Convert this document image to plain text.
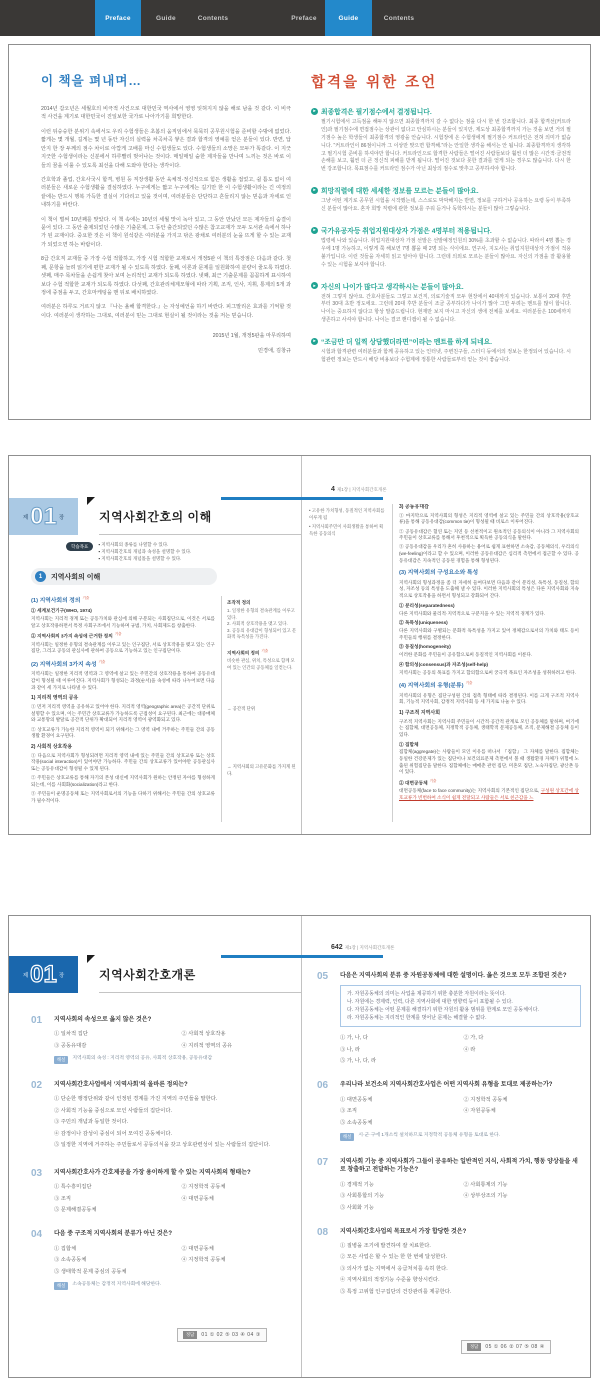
Preface	Guide	Contents	Preface	Guide	Contents
이 책을 펴내며…

2014년 갑오년은 세월호의 비극적 사건으로 대한민국 역사에서 영영 잊혀지지 않을 해로 남을 것 같다. 이 비극적 사건을 계기로 대한민국이 진일보한 국가로 나아가기를 희망한다.

이런 뒤숭숭한 분위기 속에서도 우리 수험생들은 초봄의 움직임에서 묵묵히 공무원시험을 준비할 수밖에 없었다. 짧게는 몇 개월, 길게는 몇 년 동안 자신의 실력을 차곡차곡 쌓은 결과 합격의 영예를 얻은 분들이 있다. 반면, 답안지 한 장 두께의 점수 차이로 아깝게 고배를 마신 수험생들도 있다. 수험생들의 소망은 모두가 똑같다. 이 지긋지긋한 수험생이라는 신분에서 하루빨리 벗어나는 것이다. 매일매일 숱한 제자들을 만나며 느끼는 것은 바로 이들의 꿈을 이룰 수 있도록 최선을 다해 도와야 한다는 생각이다.

간호학과 졸업, 간호사국시 합격, 병원 등 직장생활 동안 육체적·정신적으로 힘든 생활을 접었고, 쉴 틈도 없이 여러분들은 새로운 수험생활을 결심하였다. 누구에게는 짧고 누구에게는 길기만 한 이 수험생활이라는 긴 여정의 끝에는 반드시 행복 가득한 결실이 기다리고 있을 것이며, 여러분들은 단단하고 흔들리지 않는 믿음과 자세로 인내하기를 바란다.

이 책이 벌써 10년째를 맞았다. 이 책 속에는 10년의 세월 맛이 녹아 있고, 그 동안 만났던 모든 제자들의 숨결이 묻어 있다. 그 동안 출제되었던 수많은 기출문제, 그 동안 출간되었던 수많은 참고교재가 모두 도서관 속에서 하나가 된 교재이다. 중요한 것은 이 책이 원석같은 여러분을 가지고 닦은 광채로 여러분의 눈을 뜨게 할 수 있는 교재가 되었으면 하는 바람이다.

8급 간호직 교재들 중 가장 수험 적합하고, 가장 시험 적합한 교재로서 개정5판 이 책의 특장점은 다음과 같다. 첫째, 문항을 늘려 읽기에 편한 교재가 될 수 있도록 하였다. 둘째, 이론과 문제를 일원화하여 분량이 줄도록 하였다. 셋째, 매주 목차들을 손쉽게 찾아 보며 논리적인 교재가 되도록 하였다. 넷째, 최근 기출문제를 꼼꼼하게 표시하여 보다 수험 적합한 교재가 되도록 하였다. 다섯째, 간호관리체계모형에 따라 기획, 조직, 인사, 지휘, 통제의 5개 과정에 중점을 두고, 간호마케팅을 맨 뒤로 배치하였다.

여러분은 하루도 거르지 않고 『나는 올해 합격한다.』는 자성예언을 하기 바란다. 피그말리온 효과를 기억할 것이다. 여러분이 생각하는 그대로, 여러분이 믿는 그대로 현실이 될 것이라는 것을 저는 믿습니다.

2015년 1월, 개정5판을 마무리하며
민경애, 김창규
합격을 위한 조언
▸
최종합격은 필기점수에서 결정됩니다.
필기시험에서 고득점을 해두지 않으면 최종합격까지 갈 수 없다는 점을 다시 한 번 강조합니다. 최종 합격선(커트라인)과 필기점수에 면접점수는 상관이 없다고 안심하시는 분들이 있지만, 제도상 최종합격까지 가는 것을 보면 거의 필기점수 높은 학생들이 최종합격의 영광을 안습니다. 시험장에 온 수험생에게 필기점수 커트라인은 전혀 의미가 없습니다. “커트라인이 86점이니까 그 이상만 맞으면 합격해.”라는 안일한 생각을 해서는 안 됩니다. 최종합격까지 생각하고 필기시험 준비를 하셔야만 합니다. 커트라인으로 합격한 사람들은 떨어진 사람들보다 훨씬 더 많은 시간적·금전적 손해를 보고, 훨씬 더 큰 정신적 피해를 받게 됩니다. 떨어진 것보다 못한 결과를 얻게 되는 경우도 많습니다. 다시 한 번 강조합니다. 목표점수를 커트라인 점수가 아닌 최상의 점수로 맞추고 공부하셔야 합니다.
▸
희망직렬에 대한 세세한 정보를 모르는 분들이 많아요.
그냥 어떤 계기로 공무원 시험을 시작했는데, 스스로도 막막해지는 반면, 정보를 구하거나 공유하는 요령 등이 부족하신 분들이 많아요. 혼자 희망 직렬에 관한 정보를 주워 듣거나 독학하시는 분들이 많아 그렇습니다.
▸
국가유공자등 취업지원대상자 가점은 4명부터 적용됩니다.
법령에 나와 있습니다. 취업지원대상자 가점 선발은 선발예정인원의 30%를 초과할 수 없습니다. 따라서 4명 뽑는 경우에 1명 가능하고, 이렇게 쭉 해보면 7명 뽑을 때 2명 되는 식이에요. 연구사, 지도사는 취업지원대상자 가점이 적용불가입니다. 이런 것들을 자세히 읽고 알아야 합니다. 그런데 의외로 모르는 분들이 많아요. 자신의 가점을 잘 활용할 수 있는 시험을 보셔야 합니다.
▸
자신의 나이가 많다고 생각하시는 분들이 많아요.
전혀 그렇지 않아요. 간호사분들도 그렇고 보건직, 의료기술직 모두 현장에서 40대까지 있습니다. 보통이 20대 후반부터 30대 초반 정도에요. 그런데 20대 후반 분들이 조금 공부하다가 나이가 많아 그만 두려는 멘트를 많이 합니다. 나이는 중요하지 않다고 항상 말씀드립니다. 현재만 보지 마시고 자신의 생애 전체를 보세요. 여러분들은 100세까지 생존하고 사셔야 합니다. 나이는 결코 핸디캡이 될 수 없습니다.
▸
“조금만 더 일찍 상담했더라면”이라는 멘트를 하게 되네요.
시험과 합격관련 여러분들과 함께 공유하고 있는 인터넷, 주변친구들, 스터디 등에서의 정보는 한정되어 있습니다. 시험관련 정보는 반드시 해당 비용보다 수험계에 정통한 사람들로부터 얻는 것이 좋습니다.
제 01 장	지역사회간호의 이해
4 제1장 | 지역사회간호개론
학습목표	▪ 지역사회의 종류를 나열할 수 있다.
▪ 지역사회간호의 개념과 속성을 설명할 수 있다.
▪ 지역사회간호의 개념틀을 설명할 수 있다.
1	지역사회의 이해
(1) 지역사회의 정의 $^{기출}$
① 세계보건기구(WHO, 1974)

지역사회는 지리적 경계 또는 공동가치와 관심에 의해 구분되는 사회집단으로, 이것은 서로를 알고 상호작용하면서 특정 사회구조에서 기능하며 규범, 가치, 사회제도를 창출한다.

② 지역사회의 3가지 속성에 근거한 정의 $^{기출}$

지역사회는 일정한 유형의 결속관계를 이루고 있는 인구집단, 서로 상호작용을 맺고 있는 인구집단, 그리고 공동의 관심사에 관하여 공동으로 기능하고 있는 인구집단이다.

(2) 지역사회의 3가지 속성 $^{기출}$

지역사회는 일정한 지리적 영역과 그 영역에 살고 있는 주민간의 상호작용을 통하여 공동유대감이 형성될 때 이루어진다. 지역사회가 형성되는 과정(순서)을 속성에 따라 나누어보면 다음과 같이 세 가지로 나타낼 수 있다.

1) 지리적 영역의 공유

① 먼저 지리적 영역을 공유하고 있어야 한다. 지리적 영역(geographic area)은 공간적 단위로 설명할 수 있으며, 이는 주민간 상호교류가 가능하도록 근접성이 요구된다. 최근에는 대중매체와 교통망의 발달로 공간적 단위가 확대되어 지리적 영역이 광역화되고 있다.

② 상호교류가 가능한 지리적 영역이 되기 위해서는 그 영역 내에 거주하는 주민들 간의 공동생활 환경이 요구된다.

2) 사회적 상호작용

① 다음으로 지역사회가 형성되려면 지리적 영역 내에 있는 주민들 간의 상호교류 또는 상호작용(social interaction)이 있어야만 가능하다. 주민들 간의 상호교류가 있어야만 공동관심사 또는 공동유대감이 형성될 수 있게 된다.

② 주민들은 상호교류를 통해 자기의 본성 대신에 지역사회가 원하는 안정된 자아를 형성하게 되는데, 이를 사회화(socialization)라고 한다.

③ 주민들이 운명공동체 또는 지역사회로서의 기능을 다하기 위해서는 주민들 간의 상호교류가 필수적이다.

조작적 정의
1. 일정한 유형의 결속관계를 이루고 있다.
2. 사회적 상호작용을 맺고 있다.
3. 공동의 유대감이 형성되어 있고 문화적 독특성을 가진다.
지역사회의 정의 $^{기출}$
비슷한 관심, 위치, 특성으로 함께 모여 있는 인간의 공동체를 일컫는다.
→ 공간적 단위
→ 지역사회의 고유문화를 가지게 된다.
• 고유한 가치형성, 동질적인 지역사회를 이루게 됨
• 지역사회주민이 사회생활을 통하여 획득한 공동의식
3) 공동유대감

① 마지막으로 지역사회의 형성은 지리적 영역에 살고 있는 주민들 간의 상호작용(상호교류)을 통해 공동유대감(common tie)이 형성될 때 비로소 이루어진다.

② 공동유대감은 혈연 또는 지연 등 선천적이고 원초적인 공동의식이 아니라 그 지역사회의 주민들이 상호교류를 통해서 후천적으로 획득한 공동의식을 말한다.

③ 공동유대감을 우리가 흔히 사용하는 용어로 쉽게 표현하면 소속감, 공동체의식, 우리의식(we-feeling)이라고 할 수 있으며, 이러한 공동유대감은 심리적 측면에서 접근할 수 있다. 공동유대감은 지속적인 공동된 경험을 통해 형성된다.

(3) 지역사회의 구성요소와 특성

지역사회의 형성과정을 좀 더 자세히 들여다보면 다음과 같이 분리성, 독특성, 동질성, 합의성, 자조성 등의 특성을 도출해 낼 수 있다. 이러한 지역사회의 특성은 다른 지역사회와 지속적으로 상호작용을 하면서 형성되고 강화되어 간다.

① 분리성(separatedness)

다른 지역사회와 물리적·지역적으로 구분지을 수 있는 지역적 경계가 있다.

② 독특성(uniqueness)

다른 지역사회와 구별되는 문화적 독특성을 가지고 있어 정체감으로서의 가치와 태도 등이 주민들의 행위를 결정한다.

③ 동질성(homogeneity)

이러한 문화를 주민들이 공유함으로써 동질적인 지역사회를 이룬다.

④ 합의성(consensus)과 자조성(self-help)

지역사회는 공동의 목표를 가지고 합의함으로써 궁극적 목표인 자조성을 성취하려고 한다.

(4) 지역사회의 유형(분류) $^{기출}$

지역사회의 유형은 집단구성원 간의 접촉 형태에 따라 결정된다. 이를 크게 구조적 지역사회, 기능적 지역사회, 감정적 지역사회 등 세 가지로 나눌 수 있다.

1) 구조적 지역사회

구조적 지역사회는 지역사회 주민들이 시간적·공간적 관계로 모인 공동체를 말하며, 여기에는 집합체, 대면공동체, 지정학적 공동체, 생태학적 문제공동체, 조직, 문제해결 공동체 등이 있다.

① 집합체

집합체(aggregate)는 사람들이 모인 이유를 떠나서 『집합』 그 자체를 말한다. 집합체는 동일한 건강문제가 있는 집단이나 보건의료문제 측면에서 볼 때 생활환경 자체가 위험에 노출된 위험집단을 말한다. 집합체에는 매매춘 관련 집단, 미혼모 집단, 노숙자집단, 광산촌 등이 있다.

② 대면공동체 $^{기출}$

대면공동체(face to face community)는 지역사회의 기본적인 집단으로, 구성원 상호간에 상호교류가 빈번하여 소식이 쉽게 전달되고 사람들은 서로 친근감을 느

제 01 장	지역사회간호개론
642 제1장 | 지역사회간호개론
01	지역사회의 속성으로 옳지 않은 것은?
① 일차적 집단	② 사회적 상호작용
③ 공동유대감	④ 지리적 영역의 공유
해설	지역사회의 속성 : 지리적 영역의 공유, 사회적 상호작용, 공동유대감
02	지역사회간호사업에서 ‘지역사회’의 올바른 정의는?
① 단순한 행정단위와 같이 인정된 경계를 가진 지역의 주민들을 말한다.
② 사회적 기능을 중심으로 모인 사람들의 집단이다.
③ 주민의 개념과 동일한 것이다.
④ 감정이나 감성이 중심이 되어 모여진 공동체이다.
⑤ 일정한 지역에 거주하는 주민들로서 공동의식을 갖고 상호관련성이 있는 사람들의 집단이다.
03	지역사회간호사가 간호제공을 가장 용이하게 할 수 있는 지역사회의 형태는?
① 특수흥미집단	② 지정학적 공동체
③ 조직	④ 대면공동체
⑤ 문제해결공동체
04	다음 중 구조적 지역사회의 분류가 아닌 것은?
① 집합체	② 대면공동체
③ 소속공동체	④ 지정학적 공동체
⑤ 생태학적 문제 중심의 공동체
해설	소속공동체는 감정적 지역사회에 해당한다.
정답	01 ① 02 ⑤ 03 ④ 04 ③
05	다음은 지역사회의 분류 중 자원공동체에 대한 설명이다. 옳은 것으로 모두 조합된 것은?
가. 자원공동체의 의미는 사업을 제공하기 위한 충분한 자원이라는 뜻이다.
나. 자원에는 경제력, 인력, 다른 지역사회에 대한 영향력 등이 포함될 수 있다.
다. 자원공동체는 어떤 문제를 해결하기 위한 자원의 활용 범위를 한계로 모인 공동체이다.
라. 자원공동체는 지리적인 한계를 벗어난 문제는 해결할 수 없다.
① 가, 나, 다	② 가, 다
③ 나, 라	④ 라
⑤ 가, 나, 다, 라
06	우리나라 보건소의 지역사회간호사업은 어떤 지역사회 유형을 토대로 제공하는가?
① 대면공동체	② 지정학적 공동체
③ 조직	④ 자원공동체
⑤ 소속공동체
해설	시·군·구에 1개소씩 설치하므로 지정학적 공동체 유형을 토대로 한다.
07	지역사회 기능 중 지역사회가 그들이 공유하는 일반적인 지식, 사회적 가치, 행동 양상들을 새로 창출하고 전달하는 기능은?
① 경제적 기능	② 사회통제의 기능
③ 사회통합의 기능	④ 상부상조의 기능
⑤ 사회화 기능
08	지역사회간호사업의 목표로서 가장 합당한 것은?
① 질병을 조기에 발견하여 잘 치료한다.
② 모든 사업은 할 수 있는 한 한 번에 달성한다.
③ 의사가 없는 지역에서 응급처치를 속히 한다.
④ 지역사회의 적정기능 수준을 향상시킨다.
⑤ 특정 고위험 인구집단의 건강관리를 제공한다.
정답	05 ① 06 ② 07 ⑤ 08 ④
